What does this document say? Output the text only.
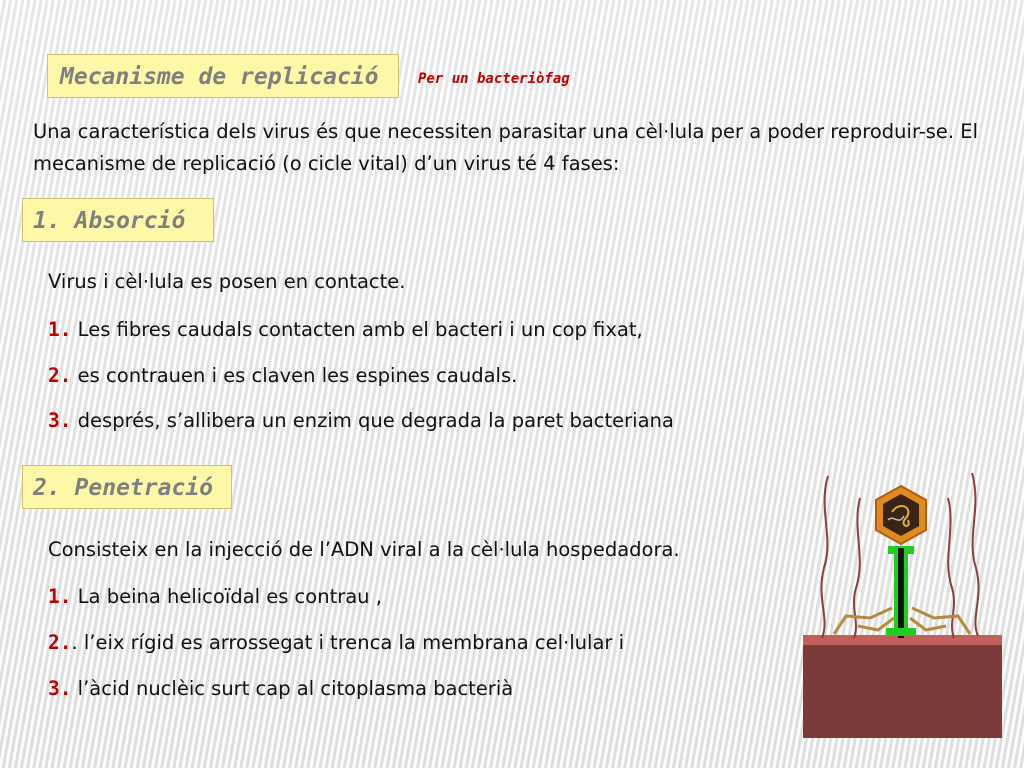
Mecanisme de replicació	Per un bacteriòfag
Una característica dels virus és que necessiten parasitar una cèl·lula per a poder reproduir-se. El mecanisme de replicació (o cicle vital) d’un virus té 4 fases:
1. Absorció
Virus i cèl·lula es posen en contacte.
1. Les fibres caudals contacten amb el bacteri i un cop fixat,
2. es contrauen i es claven les espines caudals.
3. després, s’allibera un enzim que degrada la paret bacteriana
2. Penetració
Consisteix en la injecció de l’ADN viral a la cèl·lula hospedadora.
1. La beina helicoïdal es contrau ,
2.. l’eix rígid es arrossegat i trenca la membrana cel·lular i
3. l’àcid nuclèic surt cap al citoplasma bacterià
